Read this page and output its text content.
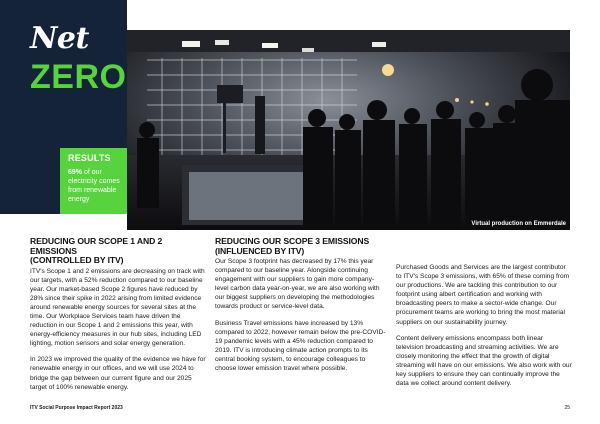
Net
ZERO
Virtual production on Emmerdale
RESULTS
69% of our electricity comes from renewable energy
REDUCING OUR SCOPE 1 AND 2 EMISSIONS
(CONTROLLED BY ITV)

ITV's Scope 1 and 2 emissions are decreasing on track with our targets, with a 52% reduction compared to our baseline year. Our market-based Scope 2 figures have reduced by 28% since their spike in 2022 arising from limited evidence around renewable energy sources for several sites at the time. Our Workplace Services team have driven the reduction in our Scope 1 and 2 emissions this year, with energy-efficiency measures in our hub sites, including LED lighting, motion sensors and solar energy generation.

In 2023 we improved the quality of the evidence we have for renewable energy in our offices, and we will use 2024 to bridge the gap between our current figure and our 2025 target of 100% renewable energy.

REDUCING OUR SCOPE 3 EMISSIONS
(INFLUENCED BY ITV)

Our Scope 3 footprint has decreased by 17% this year compared to our baseline year. Alongside continuing engagement with our suppliers to gain more company-level carbon data year-on-year, we are also working with our biggest suppliers on developing the methodologies towards product or service-level data.

Business Travel emissions have increased by 13% compared to 2022, however remain below the pre-COVID-19 pandemic levels with a 45% reduction compared to 2019. ITV is introducing climate action prompts to its central booking system, to encourage colleagues to choose lower emission travel where possible.

Purchased Goods and Services are the largest contributor to ITV's Scope 3 emissions, with 65% of these coming from our productions. We are tackling this contribution to our footprint using albert certification and working with broadcasting peers to make a sector-wide change. Our procurement teams are working to bring the most material suppliers on our sustainability journey.

Content delivery emissions encompass both linear television broadcasting and streaming activities. We are closely monitoring the effect that the growth of digital streaming will have on our emissions. We also work with our key suppliers to ensure they can continually improve the data we collect around content delivery.

ITV Social Purpose Impact Report 2023	25
